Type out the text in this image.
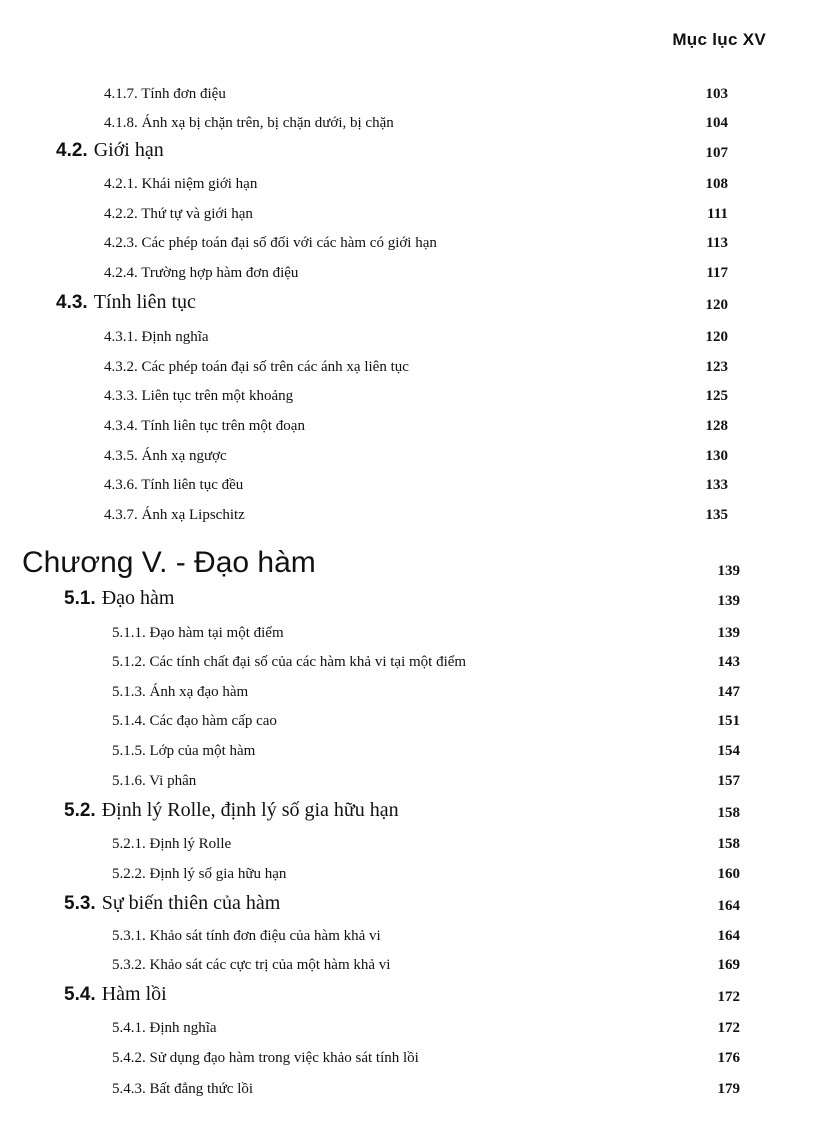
Mục lục XV
4.1.7. Tính đơn điệu	103
4.1.8. Ánh xạ bị chặn trên, bị chặn dưới, bị chặn	104
4.2. Giới hạn	107
4.2.1. Khái niệm giới hạn	108
4.2.2. Thứ tự và giới hạn	111
4.2.3. Các phép toán đại số đối với các hàm có giới hạn	113
4.2.4. Trường hợp hàm đơn điệu	117
4.3. Tính liên tục	120
4.3.1. Định nghĩa	120
4.3.2. Các phép toán đại số trên các ánh xạ liên tục	123
4.3.3. Liên tục trên một khoảng	125
4.3.4. Tính liên tục trên một đoạn	128
4.3.5. Ánh xạ ngược	130
4.3.6. Tính liên tục đều	133
4.3.7. Ánh xạ Lipschitz	135
Chương V. - Đạo hàm	139
5.1. Đạo hàm	139
5.1.1. Đạo hàm tại một điểm	139
5.1.2. Các tính chất đại số của các hàm khả vi tại một điểm	143
5.1.3. Ánh xạ đạo hàm	147
5.1.4. Các đạo hàm cấp cao	151
5.1.5. Lớp của một hàm	154
5.1.6. Vi phân	157
5.2. Định lý Rolle, định lý số gia hữu hạn	158
5.2.1. Định lý Rolle	158
5.2.2. Định lý số gia hữu hạn	160
5.3. Sự biến thiên của hàm	164
5.3.1. Khảo sát tính đơn điệu của hàm khả vi	164
5.3.2. Khảo sát các cực trị của một hàm khả vi	169
5.4. Hàm lồi	172
5.4.1. Định nghĩa	172
5.4.2. Sử dụng đạo hàm trong việc khảo sát tính lồi	176
5.4.3. Bất đẳng thức lồi	179
